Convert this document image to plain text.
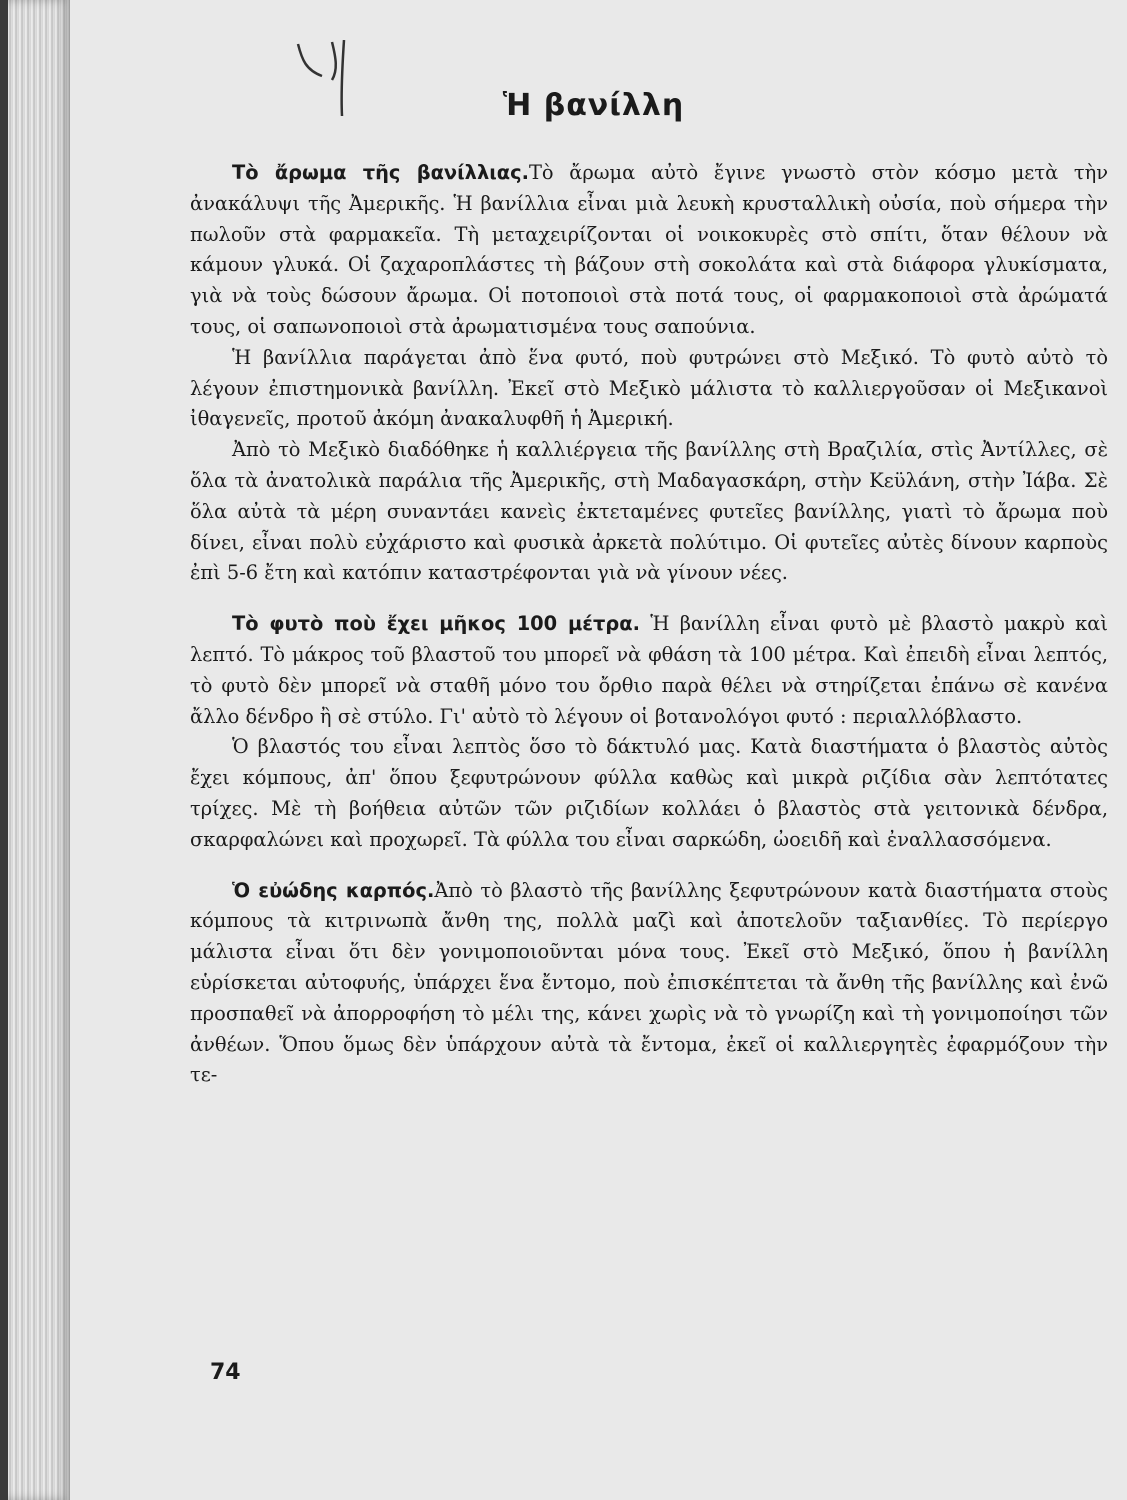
Ἡ βανίλλη

Τὸ ἄρωμα τῆς βανίλλιας.Τὸ ἄρωμα αὐτὸ ἔγινε γνωστὸ στὸν κόσμο μετὰ τὴν ἀνακάλυψι τῆς Ἀμερικῆς. Ἡ βανίλλια εἶναι μιὰ λευκὴ κρυσταλλικὴ οὐσία, ποὺ σήμερα τὴν πωλοῦν στὰ φαρμακεῖα. Τὴ μεταχειρίζονται οἱ νοικοκυρὲς στὸ σπίτι, ὅταν θέλουν νὰ κάμουν γλυκά. Οἱ ζαχαροπλάστες τὴ βάζουν στὴ σοκολάτα καὶ στὰ διάφορα γλυκίσματα, γιὰ νὰ τοὺς δώσουν ἄρωμα. Οἱ ποτοποιοὶ στὰ ποτά τους, οἱ φαρμακοποιοὶ στὰ ἀρώματά τους, οἱ σαπωνοποιοὶ στὰ ἀρωματισμένα τους σαπούνια.

Ἡ βανίλλια παράγεται ἀπὸ ἕνα φυτό, ποὺ φυτρώνει στὸ Μεξικό. Τὸ φυτὸ αὐτὸ τὸ λέγουν ἐπιστημονικὰ βανίλλη. Ἐκεῖ στὸ Μεξικὸ μάλιστα τὸ καλλιεργοῦσαν οἱ Μεξικανοὶ ἰθαγενεῖς, προτοῦ ἀκόμη ἀνακαλυφθῆ ἡ Ἀμερική.

Ἀπὸ τὸ Μεξικὸ διαδόθηκε ἡ καλλιέργεια τῆς βανίλλης στὴ Βραζιλία, στὶς Ἀντίλλες, σὲ ὅλα τὰ ἀνατολικὰ παράλια τῆς Ἀμερικῆς, στὴ Μαδαγασκάρη, στὴν Κεϋλάνη, στὴν Ἰάβα. Σὲ ὅλα αὐτὰ τὰ μέρη συναντάει κανεὶς ἐκτεταμένες φυτεῖες βανίλλης, γιατὶ τὸ ἄρωμα ποὺ δίνει, εἶναι πολὺ εὐχάριστο καὶ φυσικὰ ἀρκετὰ πολύτιμο. Οἱ φυτεῖες αὐτὲς δίνουν καρποὺς ἐπὶ 5-6 ἔτη καὶ κατόπιν καταστρέφονται γιὰ νὰ γίνουν νέες.

Τὸ φυτὸ ποὺ ἔχει μῆκος 100 μέτρα. Ἡ βανίλλη εἶναι φυτὸ μὲ βλαστὸ μακρὺ καὶ λεπτό. Τὸ μάκρος τοῦ βλαστοῦ του μπορεῖ νὰ φθάση τὰ 100 μέτρα. Καὶ ἐπειδὴ εἶναι λεπτός, τὸ φυτὸ δὲν μπορεῖ νὰ σταθῆ μόνο του ὄρθιο παρὰ θέλει νὰ στηρίζεται ἐπάνω σὲ κανένα ἄλλο δένδρο ἢ σὲ στύλο. Γι' αὐτὸ τὸ λέγουν οἱ βοτανολόγοι φυτό : περιαλλόβλαστο.

Ὁ βλαστός του εἶναι λεπτὸς ὅσο τὸ δάκτυλό μας. Κατὰ διαστήματα ὁ βλαστὸς αὐτὸς ἔχει κόμπους, ἀπ' ὅπου ξεφυτρώνουν φύλλα καθὼς καὶ μικρὰ ριζίδια σὰν λεπτότατες τρίχες. Μὲ τὴ βοήθεια αὐτῶν τῶν ριζιδίων κολλάει ὁ βλαστὸς στὰ γειτονικὰ δένδρα, σκαρφαλώνει καὶ προχωρεῖ. Τὰ φύλλα του εἶναι σαρκώδη, ὠοειδῆ καὶ ἐναλλασσόμενα.

Ὁ εὐώδης καρπός.Ἀπὸ τὸ βλαστὸ τῆς βανίλλης ξεφυτρώνουν κατὰ διαστήματα στοὺς κόμπους τὰ κιτρινωπὰ ἄνθη της, πολλὰ μαζὶ καὶ ἀποτελοῦν ταξιανθίες. Τὸ περίεργο μάλιστα εἶναι ὅτι δὲν γονιμοποιοῦνται μόνα τους. Ἐκεῖ στὸ Μεξικό, ὅπου ἡ βανίλλη εὑρίσκεται αὐτοφυής, ὑπάρχει ἕνα ἔντομο, ποὺ ἐπισκέπτεται τὰ ἄνθη τῆς βανίλλης καὶ ἐνῶ προσπαθεῖ νὰ ἀπορροφήση τὸ μέλι της, κάνει χωρὶς νὰ τὸ γνωρίζη καὶ τὴ γονιμοποίησι τῶν ἀνθέων. Ὅπου ὅμως δὲν ὑπάρχουν αὐτὰ τὰ ἔντομα, ἐκεῖ οἱ καλλιεργητὲς ἐφαρμόζουν τὴν τε-

74
